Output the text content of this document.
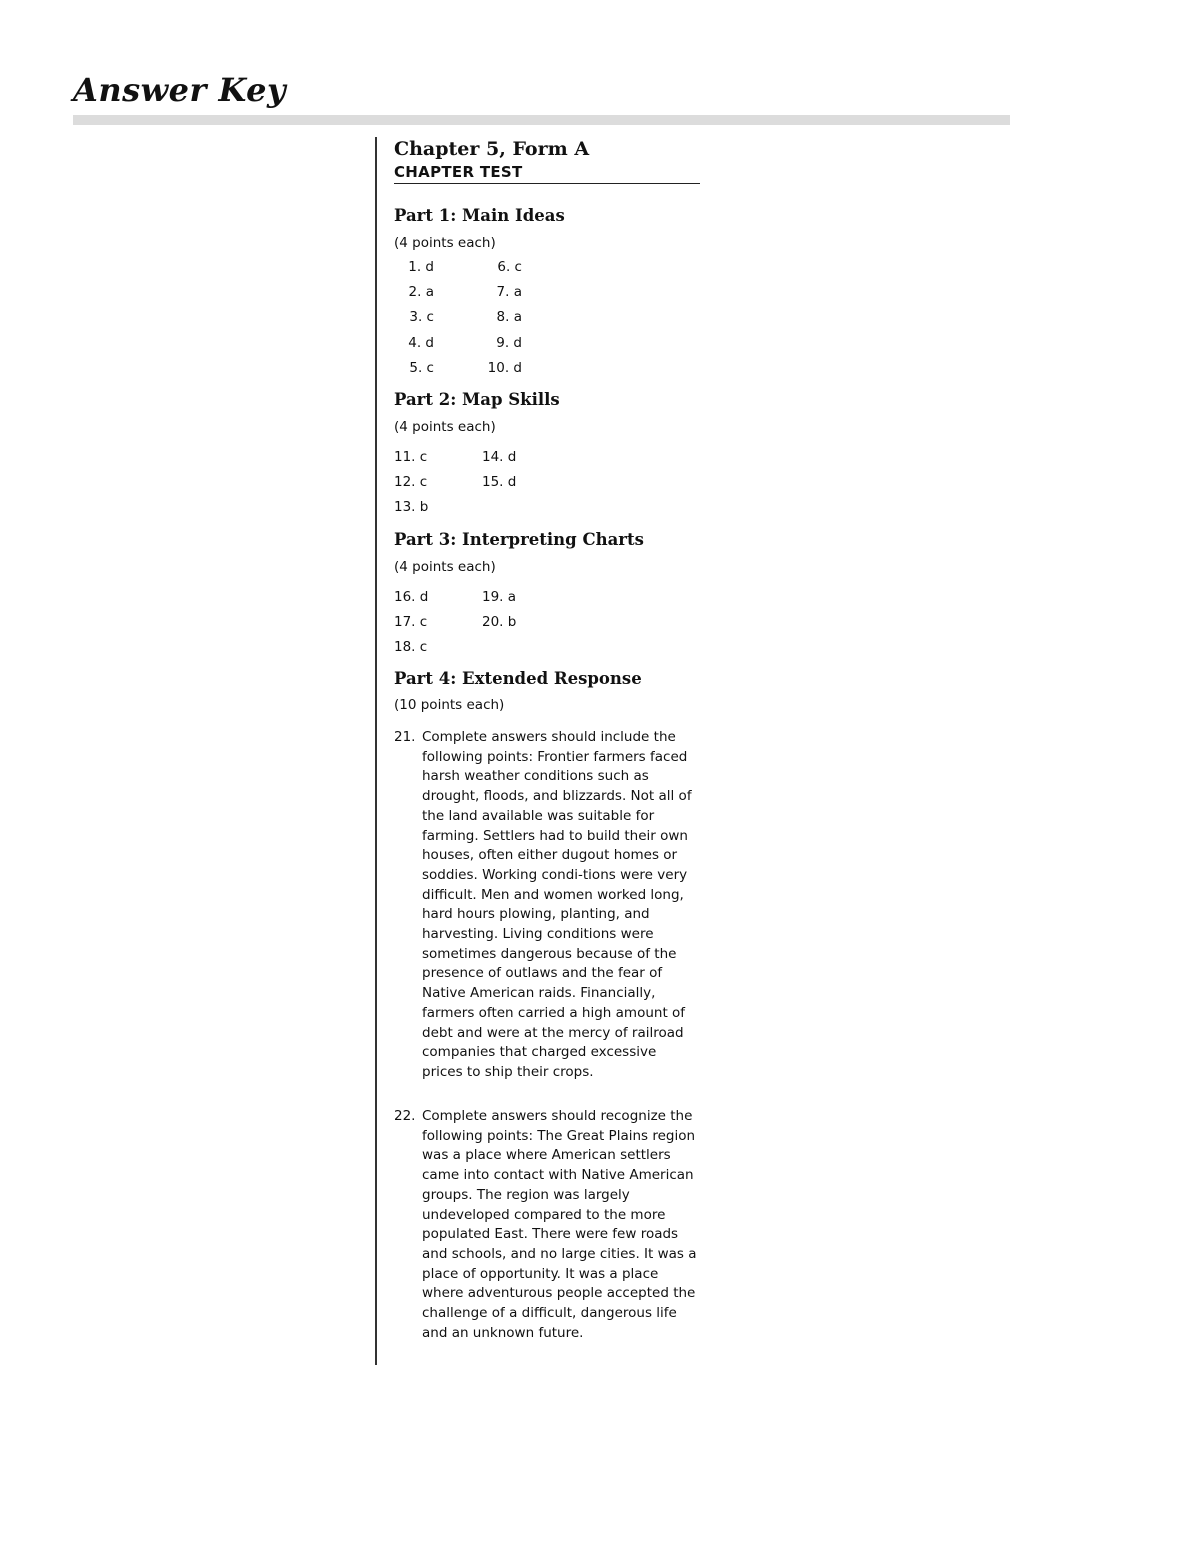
Answer Key

Chapter 5, Form A

CHAPTER TEST

Part 1: Main Ideas

(4 points each)

1. d	6. c
2. a	7. a
3. c	8. a
4. d	9. d
5. c	10. d

Part 2: Map Skills

(4 points each)

11. c	14. d
12. c	15. d
13. b

Part 3: Interpreting Charts

(4 points each)

16. d	19. a
17. c	20. b
18. c

Part 4: Extended Response

(10 points each)

21. Complete answers should include the following points: Frontier farmers faced harsh weather conditions such as drought, floods, and blizzards. Not all of the land available was suitable for farming. Settlers had to build their own houses, often either dugout homes or soddies. Working condi-tions were very difficult. Men and women worked long, hard hours plowing, planting, and harvesting. Living conditions were sometimes dangerous because of the presence of outlaws and the fear of Native American raids. Financially, farmers often carried a high amount of debt and were at the mercy of railroad companies that charged excessive prices to ship their crops.
22. Complete answers should recognize the following points: The Great Plains region was a place where American settlers came into contact with Native American groups. The region was largely undeveloped compared to the more populated East. There were few roads and schools, and no large cities. It was a place of opportunity. It was a place where adventurous people accepted the challenge of a difficult, dangerous life and an unknown future.
